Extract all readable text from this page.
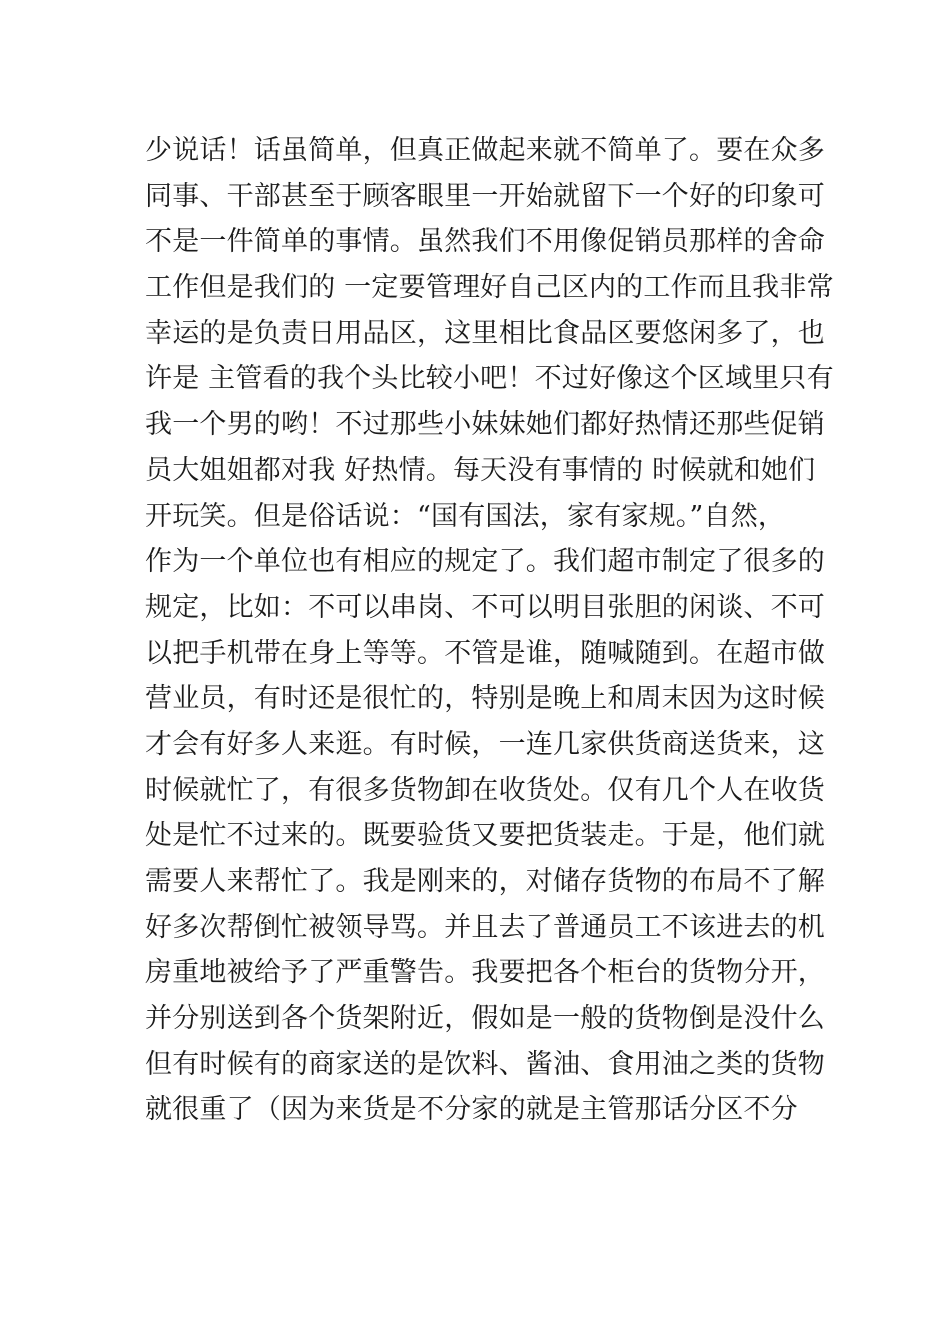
少说话！话虽简单，但真正做起来就不简单了。要在众多
同事、干部甚至于顾客眼里一开始就留下一个好的印象可
不是一件简单的事情。虽然我们不用像促销员那样的舍命
工作但是我们的 一定要管理好自己区内的工作而且我非常
幸运的是负责日用品区，这里相比食品区要悠闲多了，也
许是 主管看的我个头比较小吧！不过好像这个区域里只有
我一个男的哟！不过那些小妹妹她们都好热情还那些促销
员大姐姐都对我 好热情。每天没有事情的 时候就和她们
开玩笑。但是俗话说：“国有国法，家有家规。”自然，
作为一个单位也有相应的规定了。我们超市制定了很多的
规定，比如：不可以串岗、不可以明目张胆的闲谈、不可
以把手机带在身上等等。不管是谁，随喊随到。在超市做
营业员，有时还是很忙的，特别是晚上和周末因为这时候
才会有好多人来逛。有时候，一连几家供货商送货来，这
时候就忙了，有很多货物卸在收货处。仅有几个人在收货
处是忙不过来的。既要验货又要把货装走。于是，他们就
需要人来帮忙了。我是刚来的，对储存货物的布局不了解
好多次帮倒忙被领导骂。并且去了普通员工不该进去的机
房重地被给予了严重警告。我要把各个柜台的货物分开，
并分别送到各个货架附近，假如是一般的货物倒是没什么
但有时候有的商家送的是饮料、酱油、食用油之类的货物
就很重了（因为来货是不分家的就是主管那话分区不分
